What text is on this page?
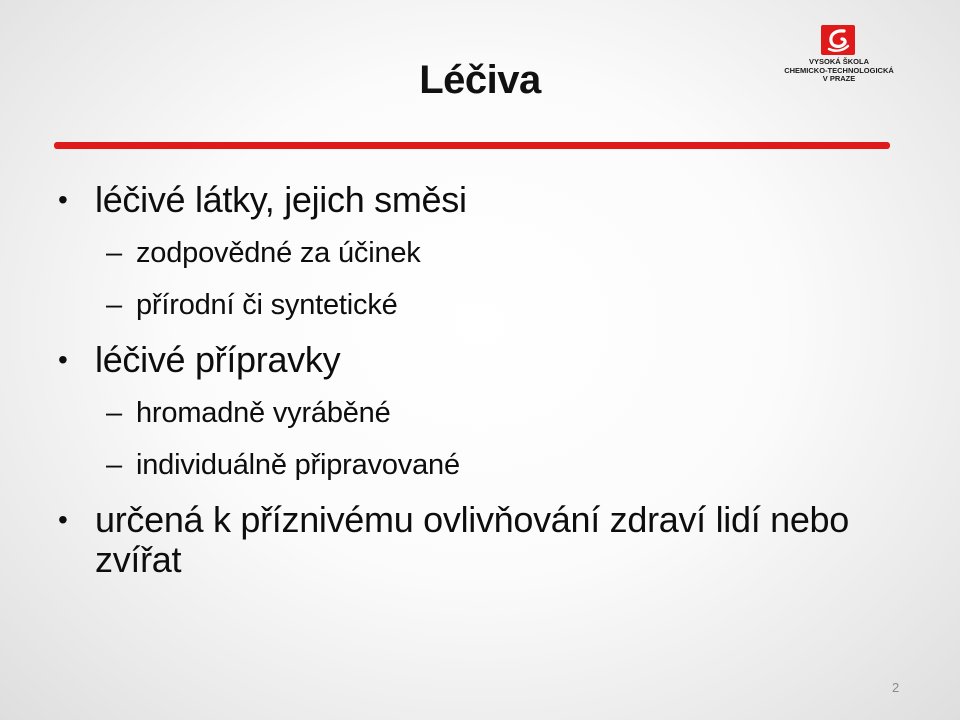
Léčiva	VYSOKÁ ŠKOLA
CHEMICKO-TECHNOLOGICKÁ
V PRAZE
• léčivé látky, jejich směsi
– zodpovědné za účinek
– přírodní či syntetické
• léčivé přípravky
– hromadně vyráběné
– individuálně připravované
• určená k příznivému ovlivňování zdraví lidí nebo zvířat
2
